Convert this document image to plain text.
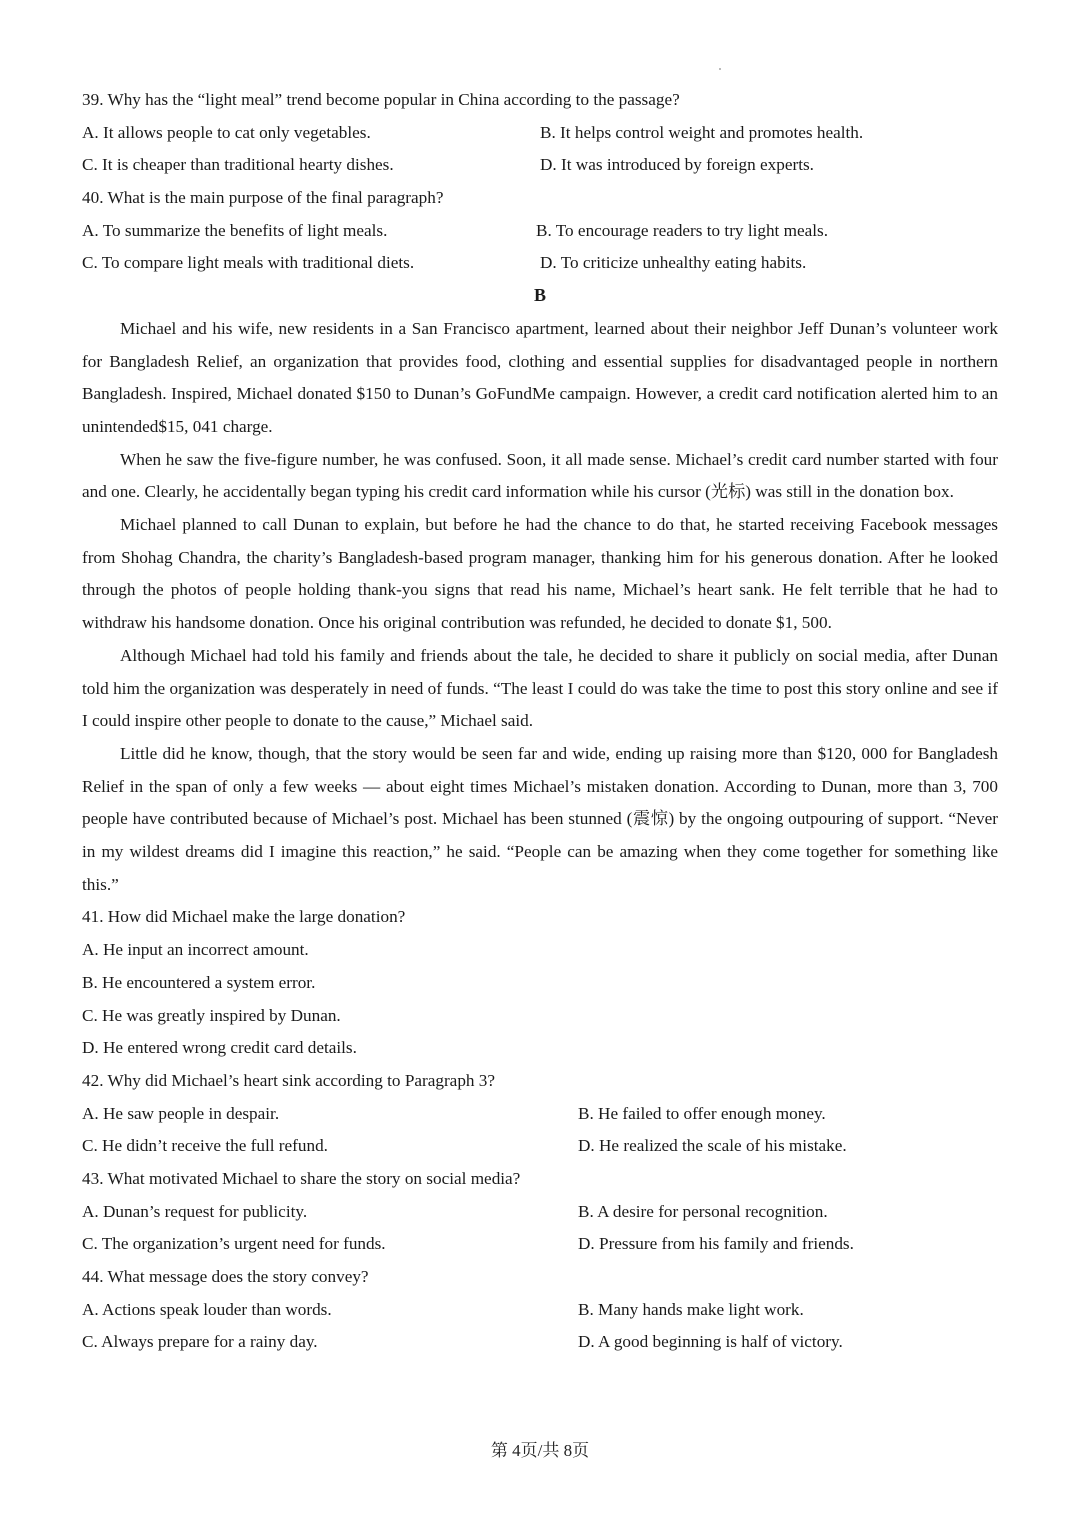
39. Why has the “light meal” trend become popular in China according to the passage?
A. It allows people to cat only vegetables.	B. It helps control weight and promotes health.
C. It is cheaper than traditional hearty dishes.	D. It was introduced by foreign experts.
40. What is the main purpose of the final paragraph?
A. To summarize the benefits of light meals.	B. To encourage readers to try light meals.
C. To compare light meals with traditional diets.	D. To criticize unhealthy eating habits.
B

Michael and his wife, new residents in a San Francisco apartment, learned about their neighbor Jeff Dunan’s volunteer work for Bangladesh Relief, an organization that provides food, clothing and essential supplies for disadvantaged people in northern Bangladesh. Inspired, Michael donated $150 to Dunan’s GoFundMe campaign. However, a credit card notification alerted him to an unintended$15, 041 charge.

When he saw the five-figure number, he was confused. Soon, it all made sense. Michael’s credit card number started with four and one. Clearly, he accidentally began typing his credit card information while his cursor (光标) was still in the donation box.

Michael planned to call Dunan to explain, but before he had the chance to do that, he started receiving Facebook messages from Shohag Chandra, the charity’s Bangladesh-based program manager, thanking him for his generous donation. After he looked through the photos of people holding thank-you signs that read his name, Michael’s heart sank. He felt terrible that he had to withdraw his handsome donation. Once his original contribution was refunded, he decided to donate $1, 500.

Although Michael had told his family and friends about the tale, he decided to share it publicly on social media, after Dunan told him the organization was desperately in need of funds. “The least I could do was take the time to post this story online and see if I could inspire other people to donate to the cause,” Michael said.

Little did he know, though, that the story would be seen far and wide, ending up raising more than $120, 000 for Bangladesh Relief in the span of only a few weeks — about eight times Michael’s mistaken donation. According to Dunan, more than 3, 700 people have contributed because of Michael’s post. Michael has been stunned (震惊) by the ongoing outpouring of support. “Never in my wildest dreams did I imagine this reaction,” he said. “People can be amazing when they come together for something like this.”

41. How did Michael make the large donation?
A. He input an incorrect amount.
B. He encountered a system error.
C. He was greatly inspired by Dunan.
D. He entered wrong credit card details.
42. Why did Michael’s heart sink according to Paragraph 3?
A. He saw people in despair.	B. He failed to offer enough money.
C. He didn’t receive the full refund.	D. He realized the scale of his mistake.
43. What motivated Michael to share the story on social media?
A. Dunan’s request for publicity.	B. A desire for personal recognition.
C. The organization’s urgent need for funds.	D. Pressure from his family and friends.
44. What message does the story convey?
A. Actions speak louder than words.	B. Many hands make light work.
C. Always prepare for a rainy day.	D. A good beginning is half of victory.
第 4页/共 8页
